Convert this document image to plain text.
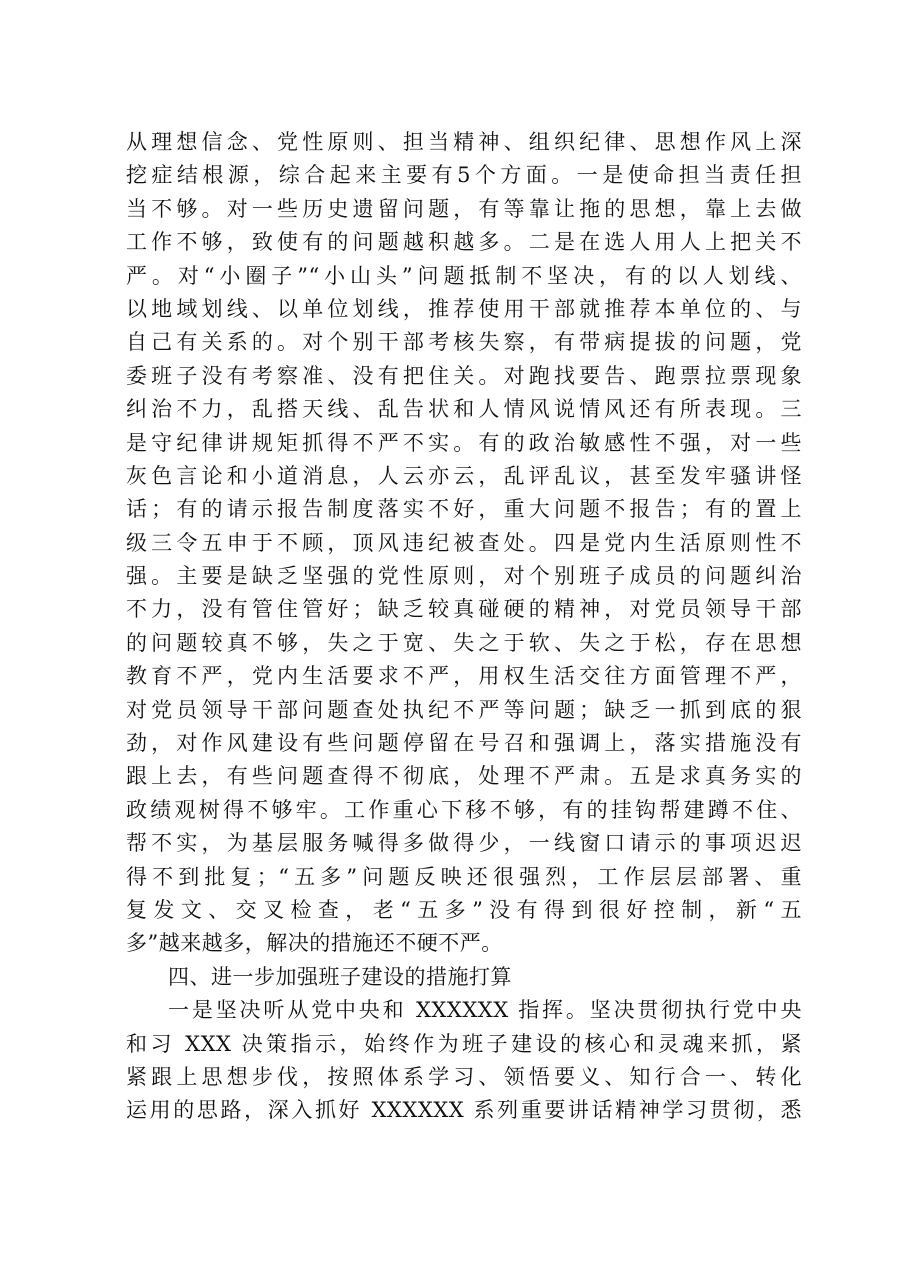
从理想信念、党性原则、担当精神、组织纪律、思想作风上深
挖症结根源，综合起来主要有5个方面。一是使命担当责任担
当不够。对一些历史遗留问题，有等靠让拖的思想，靠上去做
工作不够，致使有的问题越积越多。二是在选人用人上把关不
严。对“小圈子”“小山头”问题抵制不坚决，有的以人划线、
以地域划线、以单位划线，推荐使用干部就推荐本单位的、与
自己有关系的。对个别干部考核失察，有带病提拔的问题，党
委班子没有考察准、没有把住关。对跑找要告、跑票拉票现象
纠治不力，乱搭天线、乱告状和人情风说情风还有所表现。三
是守纪律讲规矩抓得不严不实。有的政治敏感性不强，对一些
灰色言论和小道消息，人云亦云，乱评乱议，甚至发牢骚讲怪
话；有的请示报告制度落实不好，重大问题不报告；有的置上
级三令五申于不顾，顶风违纪被查处。四是党内生活原则性不
强。主要是缺乏坚强的党性原则，对个别班子成员的问题纠治
不力，没有管住管好；缺乏较真碰硬的精神，对党员领导干部
的问题较真不够，失之于宽、失之于软、失之于松，存在思想
教育不严，党内生活要求不严，用权生活交往方面管理不严，
对党员领导干部问题查处执纪不严等问题；缺乏一抓到底的狠
劲，对作风建设有些问题停留在号召和强调上，落实措施没有
跟上去，有些问题查得不彻底，处理不严肃。五是求真务实的
政绩观树得不够牢。工作重心下移不够，有的挂钩帮建蹲不住、
帮不实，为基层服务喊得多做得少，一线窗口请示的事项迟迟
得不到批复；“五多”问题反映还很强烈，工作层层部署、重
复发文、交叉检查，老“五多”没有得到很好控制，新“五
多”越来越多，解决的措施还不硬不严。
四、进一步加强班子建设的措施打算
一是坚决听从党中央和 XXXXXX 指挥。坚决贯彻执行党中央
和习 XXX 决策指示，始终作为班子建设的核心和灵魂来抓，紧
紧跟上思想步伐，按照体系学习、领悟要义、知行合一、转化
运用的思路，深入抓好 XXXXXX 系列重要讲话精神学习贯彻，悉
